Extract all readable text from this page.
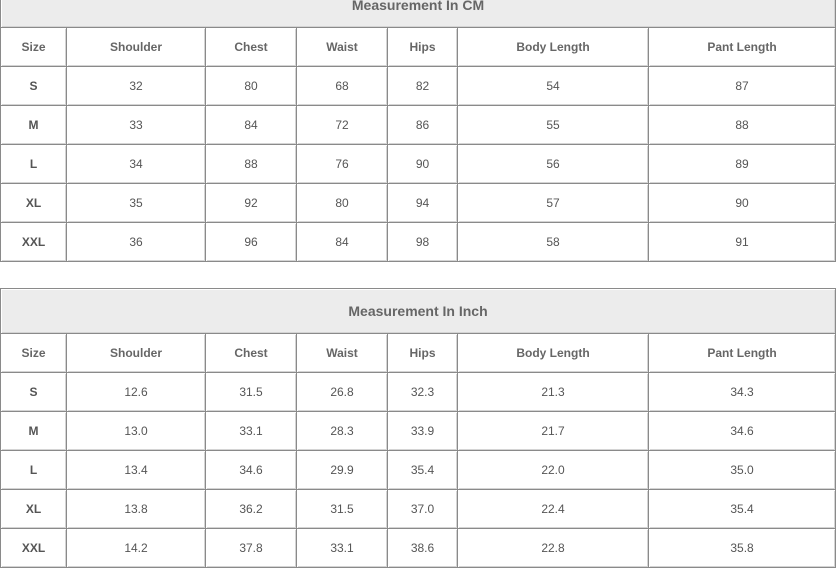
Measurement In CM						
Size	Shoulder	Chest	Waist	Hips	Body Length	Pant Length
S	32	80	68	82	54	87
M	33	84	72	86	55	88
L	34	88	76	90	56	89
XL	35	92	80	94	57	90
XXL	36	96	84	98	58	91
Measurement In Inch						
Size	Shoulder	Chest	Waist	Hips	Body Length	Pant Length
S	12.6	31.5	26.8	32.3	21.3	34.3
M	13.0	33.1	28.3	33.9	21.7	34.6
L	13.4	34.6	29.9	35.4	22.0	35.0
XL	13.8	36.2	31.5	37.0	22.4	35.4
XXL	14.2	37.8	33.1	38.6	22.8	35.8
